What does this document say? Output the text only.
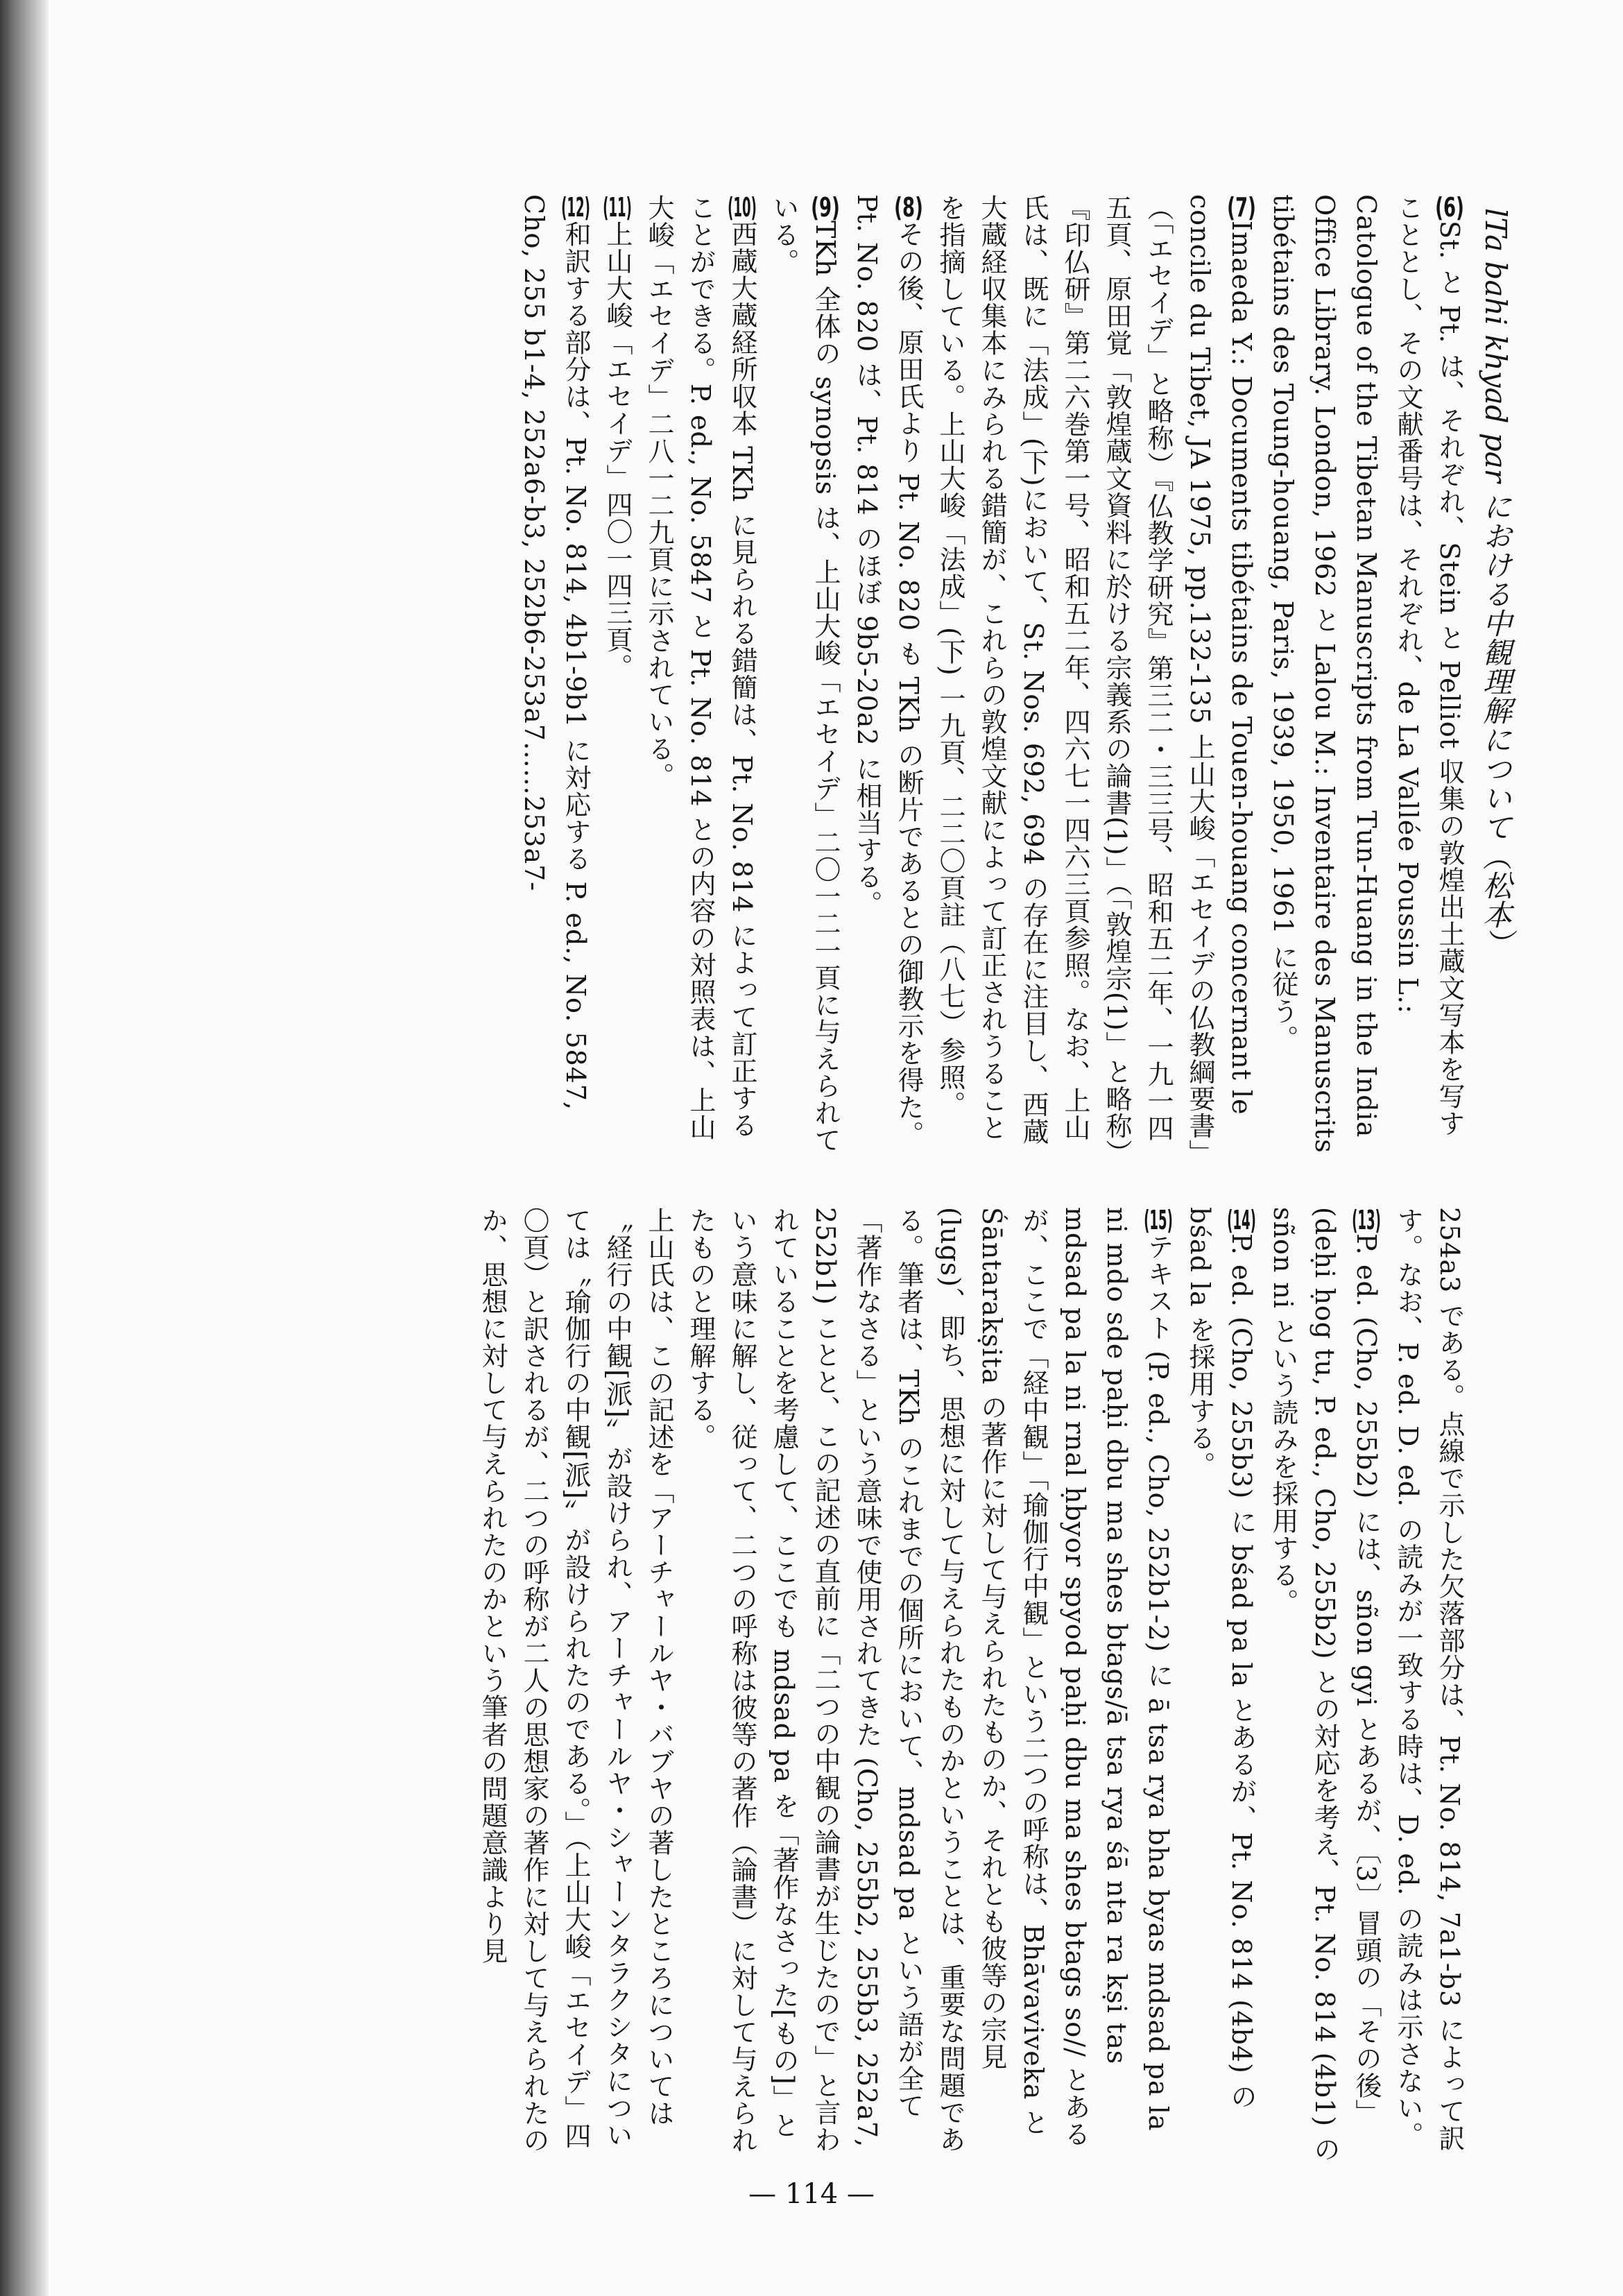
lTa bahi khyad par における中観理解について（松本）
(6)St. と Pt. は、それぞれ、Stein と Pelliot 収集の敦煌出土蔵文写本を写すこととし、その文献番号は、それぞれ、de La Vallée Poussin L.: Catologue of the Tibetan Manuscripts from Tun-Huang in the India Office Library. London, 1962 と Lalou M.: Inventaire des Manuscrits tibétains des Toung-houang, Paris, 1939, 1950, 1961 に従う。
(7)Imaeda Y.: Documents tibétains de Touen-houang concernant le concile du Tibet, JA 1975, pp.132-135 上山大峻「エセイデの仏教綱要書」（「エセイデ」と略称）『仏教学研究』第三二・三三号、昭和五二年、一九一四五頁、原田覚「敦煌蔵文資料に於ける宗義系の論書(1)」（「敦煌宗(1)」と略称）『印仏研』第二六巻第一号、昭和五二年、四六七一四六三頁参照。なお、上山氏は、既に「法成」(下)において、St. Nos. 692, 694 の存在に注目し、西蔵大蔵経収集本にみられる錯簡が、これらの敦煌文献によって訂正されうることを指摘している。上山大峻「法成」(下) 一九頁、二二〇頁註（八七）参照。
(8)その後、原田氏より Pt. No. 820 も TKh の断片であるとの御教示を得た。Pt. No. 820 は、Pt. 814 のほぼ 9b5-20a2 に相当する。
(9)TKh 全体の synopsis は、上山大峻「エセイデ」二〇一二一頁に与えられている。
(10)西蔵大蔵経所収本 TKh に見られる錯簡は、Pt. No. 814 によって訂正することができる。P. ed., No. 5847 と Pt. No. 814 との内容の対照表は、上山大峻「エセイデ」二八一二九頁に示されている。
(11)上山大峻「エセイデ」四〇一四三頁。
(12)和訳する部分は、Pt. No. 814, 4b1-9b1 に対応する P. ed., No. 5847, Cho, 255 b1-4, 252a6-b3, 252b6-253a7……253a7-
254a3 である。点線で示した欠落部分は、Pt. No. 814, 7a1-b3 によって訳す。なお、P. ed. D. ed. の読みが一致する時は、D. ed. の読みは示さない。
(13)P. ed. (Cho, 255b2) には、sñon gyi とあるが、〔3〕冒頭の「その後」(deḥi ḥog tu, P. ed., Cho, 255b2) との対応を考え、Pt. No. 814 (4b1) の sñon ni という読みを採用する。
(14)P. ed. (Cho, 255b3) に bśad pa la とあるが、Pt. No. 814 (4b4) の bśad la を採用する。
(15)テキスト (P. ed., Cho, 252b1-2) に ā tsa rya bha byas mdsad pa la ni mdo sde paḥi dbu ma shes btags/ā tsa rya śā nta ra kṣi tas mdsad pa la ni rnal ḥbyor spyod paḥi dbu ma shes btags so// とあるが、ここで「経中観」「瑜伽行中観」という二つの呼称は、Bhāvaviveka と Śāntarakṣita の著作に対して与えられたものか、それとも彼等の宗見 (lugs)、即ち、思想に対して与えられたものかということは、重要な問題である。筆者は、TKh のこれまでの個所において、mdsad pa という語が全て「著作なさる」という意味で使用されてきた (Cho, 255b2, 255b3, 252a7, 252b1) ことと、この記述の直前に「二つの中観の論書が生じたので」と言われていることを考慮して、ここでも mdsad pa を「著作なさった[もの]」という意味に解し、従って、二つの呼称は彼等の著作（論書）に対して与えられたものと理解する。
上山氏は、この記述を「アーチャールヤ・バブヤの著したところについては〝経行の中観[派]〟が設けられ、アーチャールヤ・シャーンタラクシタについては〝瑜伽行の中観[派]〟が設けられたのである。」（上山大峻「エセイデ」四〇頁）と訳されるが、二つの呼称が二人の思想家の著作に対して与えられたのか、思想に対して与えられたのかという筆者の問題意識より見
— 114 —
